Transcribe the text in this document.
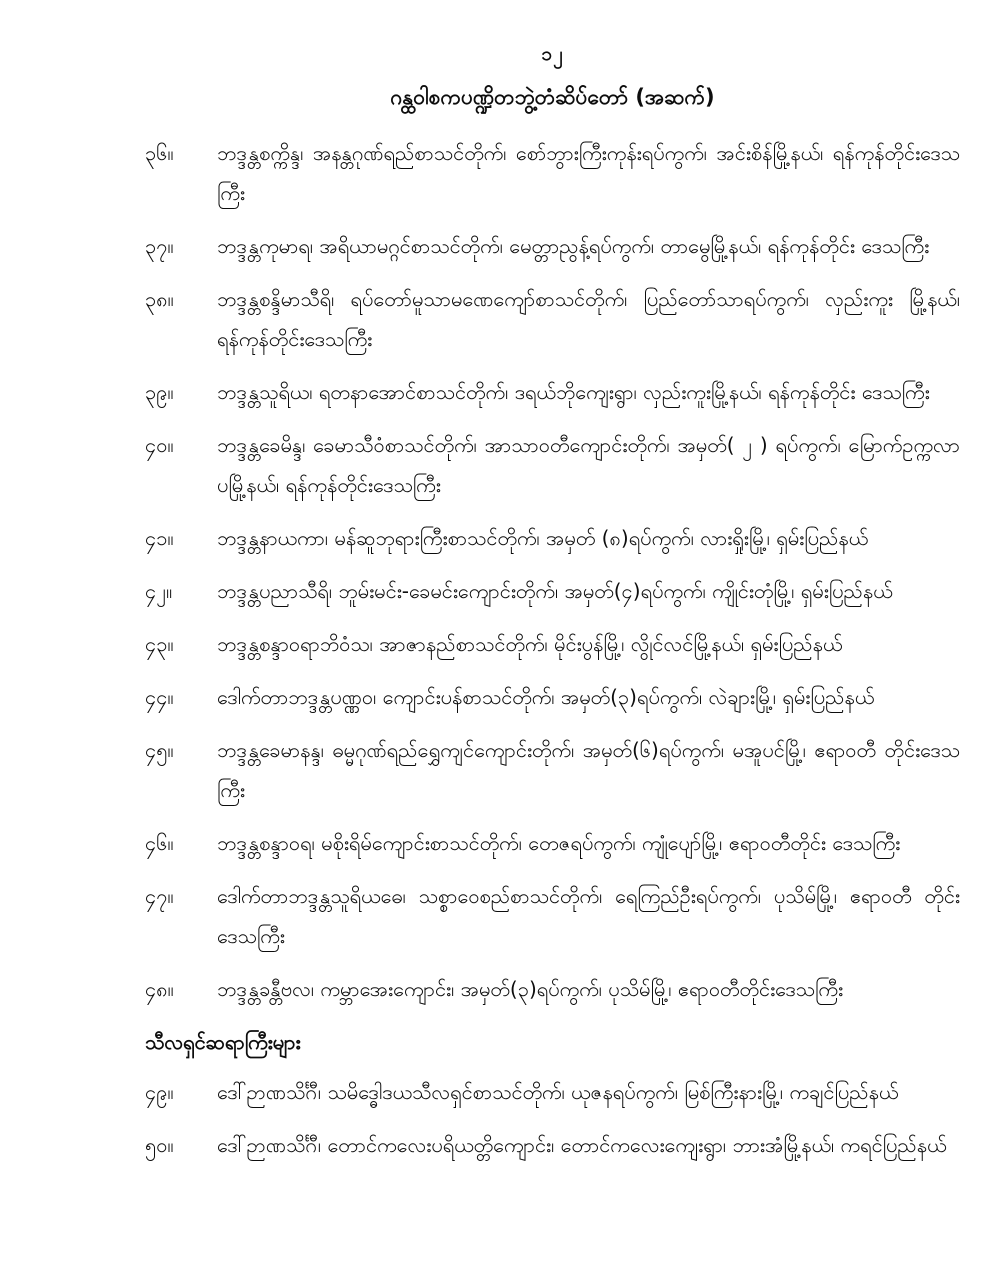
၁၂
ဂန္ထဝါစကပဏ္ဍိတဘွဲ့တံဆိပ်တော် (အဆက်)
၃၆။	ဘဒ္ဒန္တစက္ကိန္ဒ၊ အနန္တဂုဏ်ရည်စာသင်တိုက်၊ စော်ဘွားကြီးကုန်းရပ်ကွက်၊ အင်းစိန်မြို့နယ်၊ ရန်ကုန်တိုင်းဒေသကြီး
၃၇။	ဘဒ္ဒန္တကုမာရ၊ အရိယာမဂ္ဂင်စာသင်တိုက်၊ မေတ္တာညွန့်ရပ်ကွက်၊ တာမွေမြို့နယ်၊ ရန်ကုန်တိုင်း ဒေသကြီး
၃၈။	ဘဒ္ဒန္တစန္ဒိမာသီရိ၊ ရပ်တော်မူသာမဏေကျော်စာသင်တိုက်၊ ပြည်တော်သာရပ်ကွက်၊ လှည်းကူး မြို့နယ်၊ ရန်ကုန်တိုင်းဒေသကြီး
၃၉။	ဘဒ္ဒန္တသူရိယ၊ ရတနာအောင်စာသင်တိုက်၊ ဒရယ်ဘိုကျေးရွာ၊ လှည်းကူးမြို့နယ်၊ ရန်ကုန်တိုင်း ဒေသကြီး
၄၀။	ဘဒ္ဒန္တခေမိန္ဒ၊ ခေမာသီဝံစာသင်တိုက်၊ အာသာဝတီကျောင်းတိုက်၊ အမှတ်( ၂ ) ရပ်ကွက်၊ မြောက်ဥက္ကလာပမြို့နယ်၊ ရန်ကုန်တိုင်းဒေသကြီး
၄၁။	ဘဒ္ဒန္တနာယကာ၊ မန်ဆူဘုရားကြီးစာသင်တိုက်၊ အမှတ် (၈)ရပ်ကွက်၊ လားရှိုးမြို့၊ ရှမ်းပြည်နယ်
၄၂။	ဘဒ္ဒန္တပညာသီရိ၊ ဘူမ်းမင်း-ခေမင်းကျောင်းတိုက်၊ အမှတ်(၄)ရပ်ကွက်၊ ကျိုင်းတုံမြို့၊ ရှမ်းပြည်နယ်
၄၃။	ဘဒ္ဒန္တစန္ဒာဝရာဘိဝံသ၊ အာဇာနည်စာသင်တိုက်၊ မိုင်းပွန်မြို့၊ လွိုင်လင်မြို့နယ်၊ ရှမ်းပြည်နယ်
၄၄။	ဒေါက်တာဘဒ္ဒန္တပဏ္ဏဝ၊ ကျောင်းပန်စာသင်တိုက်၊ အမှတ်(၃)ရပ်ကွက်၊ လဲချားမြို့၊ ရှမ်းပြည်နယ်
၄၅။	ဘဒ္ဒန္တခေမာနန္ဒ၊ ဓမ္မဂုဏ်ရည်ရွှေကျင်ကျောင်းတိုက်၊ အမှတ်(၆)ရပ်ကွက်၊ မအူပင်မြို့၊ ဧရာဝတီ တိုင်းဒေသကြီး
၄၆။	ဘဒ္ဒန္တစန္ဒာဝရ၊ မစိုးရိမ်ကျောင်းစာသင်တိုက်၊ တေဇရပ်ကွက်၊ ကျုံပျော်မြို့၊ ဧရာဝတီတိုင်း ဒေသကြီး
၄၇။	ဒေါက်တာဘဒ္ဒန္တသူရိယဓေ၊ သစ္စာဝေစည်စာသင်တိုက်၊ ရေကြည်ဦးရပ်ကွက်၊ ပုသိမ်မြို့၊ ဧရာဝတီ တိုင်းဒေသကြီး
၄၈။	ဘဒ္ဒန္တခန္တီဗလ၊ ကမ္ဘာအေးကျောင်း၊ အမှတ်(၃)ရပ်ကွက်၊ ပုသိမ်မြို့၊ ဧရာဝတီတိုင်းဒေသကြီး
သီလရှင်ဆရာကြီးများ
၄၉။	ဒေါ်ဉာဏသိင်္ဂီ၊ သမိဒ္ဓေါဒယသီလရှင်စာသင်တိုက်၊ ယုဇနရပ်ကွက်၊ မြစ်ကြီးနားမြို့၊ ကချင်ပြည်နယ်
၅၀။	ဒေါ်ဉာဏသိင်္ဂီ၊ တောင်ကလေးပရိယတ္တိကျောင်း၊ တောင်ကလေးကျေးရွာ၊ ဘားအံမြို့နယ်၊ ကရင်ပြည်နယ်
